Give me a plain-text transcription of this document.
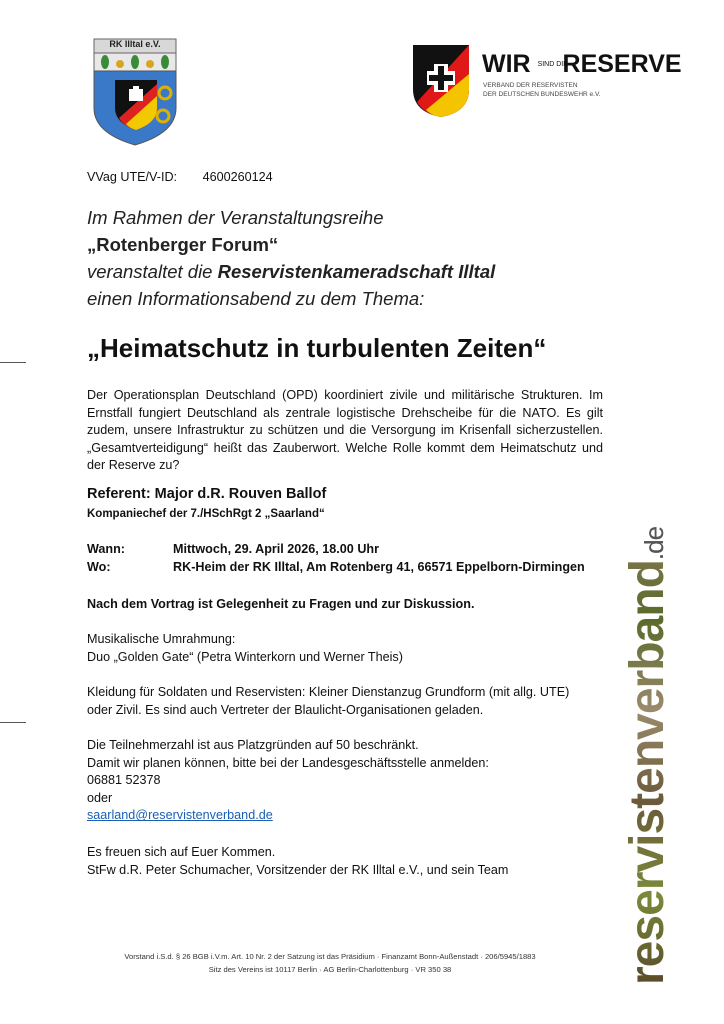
RK Illtal e.V.
WIR SIND DIE RESERVE
VERBAND DER RESERVISTEN
DER DEUTSCHEN BUNDESWEHR e.V.
VVag UTE/V-ID: 4600260124
Im Rahmen der Veranstaltungsreihe
„Rotenberger Forum“
veranstaltet die Reservistenkameradschaft Illtal
einen Informationsabend zu dem Thema:
„Heimatschutz in turbulenten Zeiten“
Der Operationsplan Deutschland (OPD) koordiniert zivile und militärische Strukturen. Im Ernstfall fungiert Deutschland als zentrale logistische Drehscheibe für die NATO. Es gilt zudem, unsere Infrastruktur zu schützen und die Versorgung im Krisenfall sicherzustellen. „Gesamtverteidigung“ heißt das Zauberwort. Welche Rolle kommt dem Heimatschutz und der Reserve zu?
Referent: Major d.R. Rouven Ballof
Kompaniechef der 7./HSchRgt 2 „Saarland“
Wann:	Mittwoch, 29. April 2026, 18.00 Uhr
Wo:	RK-Heim der RK Illtal, Am Rotenberg 41, 66571 Eppelborn-Dirmingen
Nach dem Vortrag ist Gelegenheit zu Fragen und zur Diskussion.
Musikalische Umrahmung:
Duo „Golden Gate“ (Petra Winterkorn und Werner Theis)
Kleidung für Soldaten und Reservisten: Kleiner Dienstanzug Grundform (mit allg. UTE)
oder Zivil. Es sind auch Vertreter der Blaulicht-Organisationen geladen.
Die Teilnehmerzahl ist aus Platzgründen auf 50 beschränkt.
Damit wir planen können, bitte bei der Landesgeschäftsstelle anmelden:
06881 52378
oder
saarland@reservistenverband.de
Es freuen sich auf Euer Kommen.
StFw d.R. Peter Schumacher, Vorsitzender der RK Illtal e.V., und sein Team
Vorstand i.S.d. § 26 BGB i.V.m. Art. 10 Nr. 2 der Satzung ist das Präsidium · Finanzamt Bonn-Außenstadt · 206/5945/1883
Sitz des Vereins ist 10117 Berlin · AG Berlin-Charlottenburg · VR 350 38	reservistenverband.de
